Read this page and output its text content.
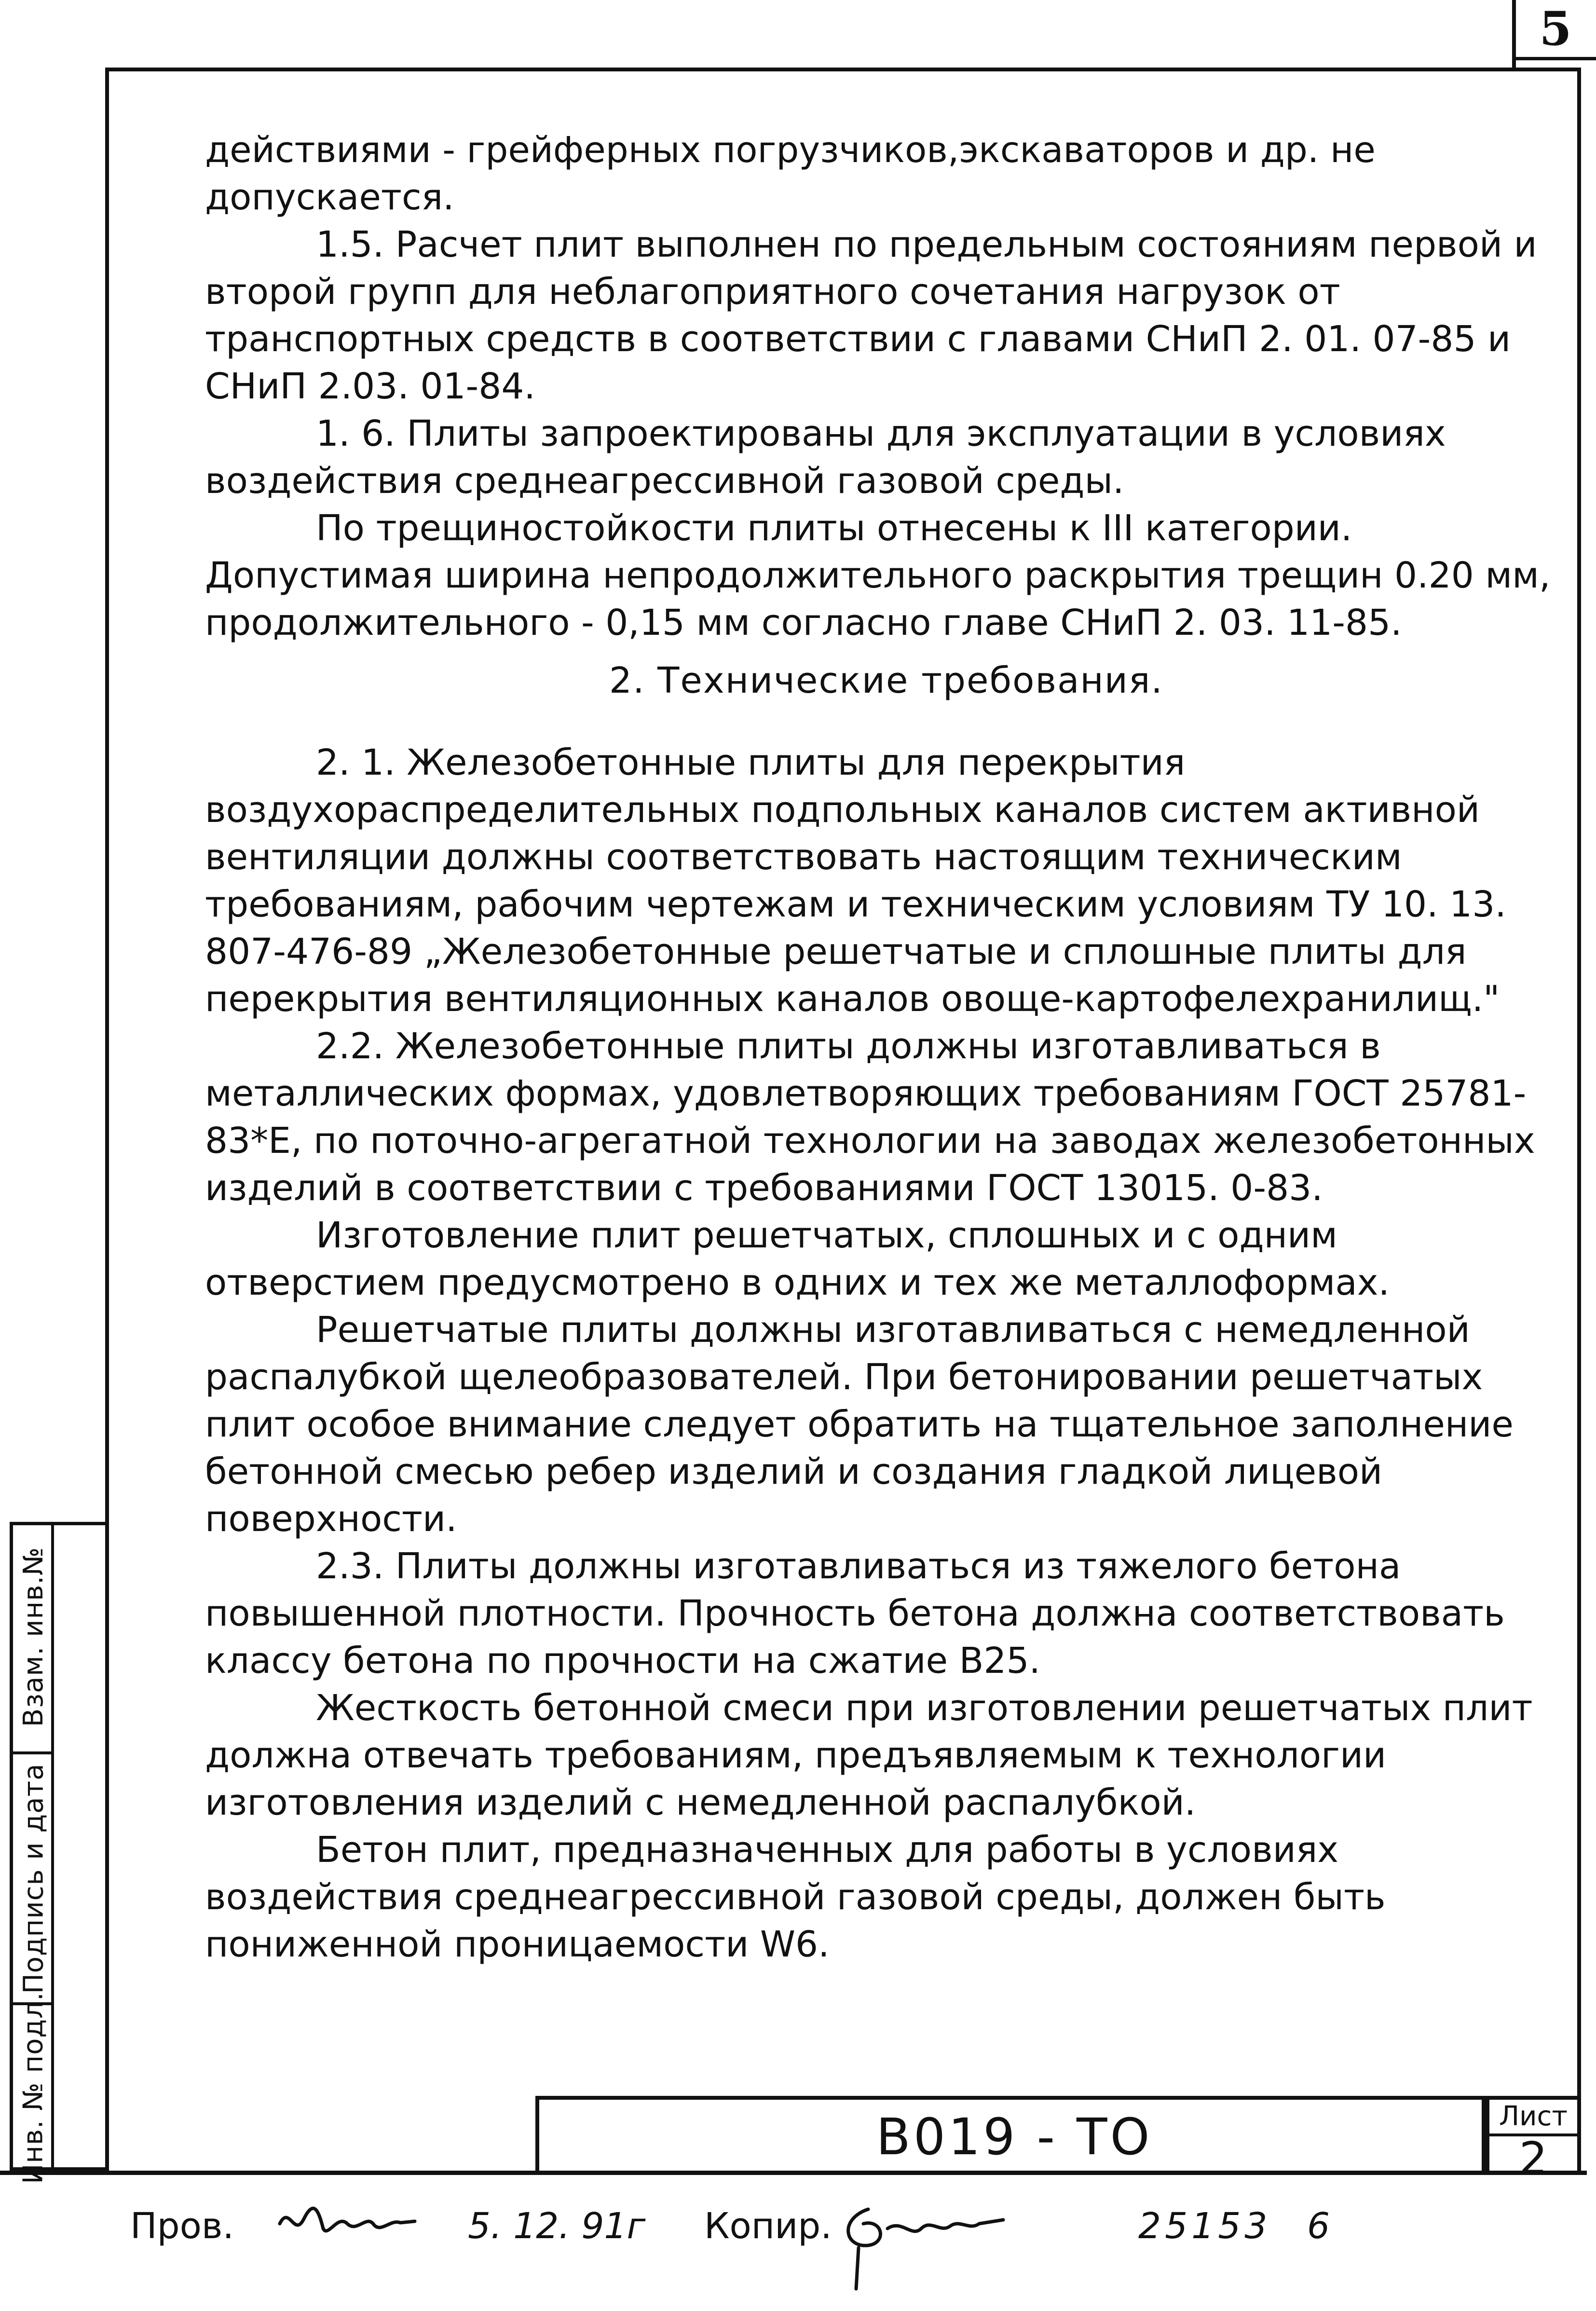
5
Взам. инв.№
Подпись и дата
Инв. № подл.

действиями - грейферных погрузчиков,экскаваторов и др. не допускается.

1.5. Расчет плит выполнен по предельным состояниям первой и второй групп для неблагоприятного сочетания нагрузок от транспортных средств в соответствии с главами СНиП 2. 01. 07-85 и СНиП 2.03. 01-84.

1. 6. Плиты запроектированы для эксплуатации в условиях воздействия среднеагрессивной газовой среды.

По трещиностойкости плиты отнесены к III категории. Допустимая ширина непродолжительного раскрытия трещин 0.20 мм, продолжительного - 0,15 мм согласно главе СНиП 2. 03. 11-85.

2. Технические требования.

2. 1. Железобетонные плиты для перекрытия воздухораспределительных подпольных каналов систем активной вентиляции должны соответствовать настоящим техническим требованиям, рабочим чертежам и техническим условиям ТУ 10. 13. 807-476-89 „Железобетонные решетчатые и сплошные плиты для перекрытия вентиляционных каналов овоще-картофелехранилищ."

2.2. Железобетонные плиты должны изготавливаться в металлических формах, удовлетворяющих требованиям ГОСТ 25781-83*Е, по поточно-агрегатной технологии на заводах железобетонных изделий в соответствии с требованиями ГОСТ 13015. 0-83.

Изготовление плит решетчатых, сплошных и с одним отверстием предусмотрено в одних и тех же металлоформах.

Решетчатые плиты должны изготавливаться с немедленной распалубкой щелеобразователей. При бетонировании решетчатых плит особое внимание следует обратить на тщательное заполнение бетонной смесью ребер изделий и создания гладкой лицевой поверхности.

2.3. Плиты должны изготавливаться из тяжелого бетона повышенной плотности. Прочность бетона должна соответствовать классу бетона по прочности на сжатие В25.

Жесткость бетонной смеси при изготовлении решетчатых плит должна отвечать требованиям, предъявляемым к технологии изготовления изделий с немедленной распалубкой.

Бетон плит, предназначенных для работы в условиях воздействия среднеагрессивной газовой среды, должен быть пониженной проницаемости W6.

В019 - ТО	Лист
2
Пров.	5. 12. 91г Копир.	25153 6
